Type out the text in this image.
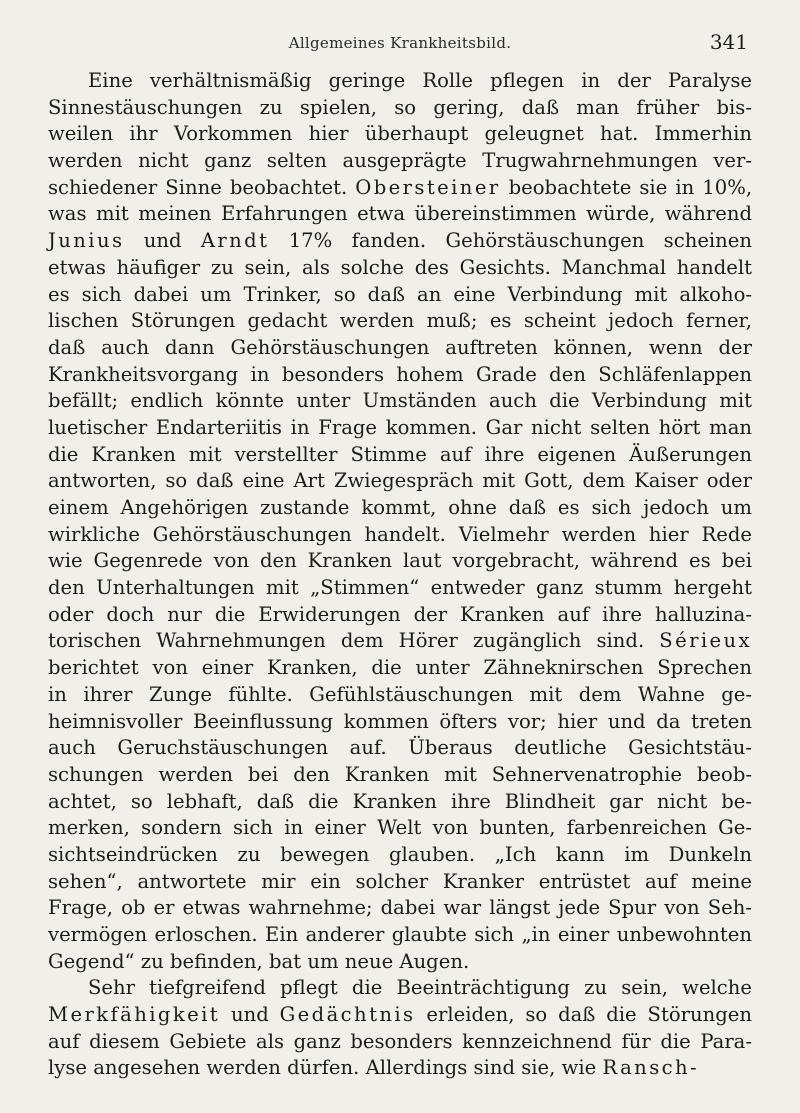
Allgemeines Krankheitsbild.	341
Eine verhältnismäßig geringe Rolle pflegen in der Paralyse
Sinnestäuschungen zu spielen, so gering, daß man früher bis-
weilen ihr Vorkommen hier überhaupt geleugnet hat. Immerhin
werden nicht ganz selten ausgeprägte Trugwahrnehmungen ver-
schiedener Sinne beobachtet. Obersteiner beobachtete sie in 10%,
was mit meinen Erfahrungen etwa übereinstimmen würde, während
Junius und Arndt 17% fanden. Gehörstäuschungen scheinen
etwas häufiger zu sein, als solche des Gesichts. Manchmal handelt
es sich dabei um Trinker, so daß an eine Verbindung mit alkoho-
lischen Störungen gedacht werden muß; es scheint jedoch ferner,
daß auch dann Gehörstäuschungen auftreten können, wenn der
Krankheitsvorgang in besonders hohem Grade den Schläfenlappen
befällt; endlich könnte unter Umständen auch die Verbindung mit
luetischer Endarteriitis in Frage kommen. Gar nicht selten hört man
die Kranken mit verstellter Stimme auf ihre eigenen Äußerungen
antworten, so daß eine Art Zwiegespräch mit Gott, dem Kaiser oder
einem Angehörigen zustande kommt, ohne daß es sich jedoch um
wirkliche Gehörstäuschungen handelt. Vielmehr werden hier Rede
wie Gegenrede von den Kranken laut vorgebracht, während es bei
den Unterhaltungen mit „Stimmen“ entweder ganz stumm hergeht
oder doch nur die Erwiderungen der Kranken auf ihre halluzina-
torischen Wahrnehmungen dem Hörer zugänglich sind. Sérieux
berichtet von einer Kranken, die unter Zähneknirschen Sprechen
in ihrer Zunge fühlte. Gefühlstäuschungen mit dem Wahne ge-
heimnisvoller Beeinflussung kommen öfters vor; hier und da treten
auch Geruchstäuschungen auf. Überaus deutliche Gesichtstäu-
schungen werden bei den Kranken mit Sehnervenatrophie beob-
achtet, so lebhaft, daß die Kranken ihre Blindheit gar nicht be-
merken, sondern sich in einer Welt von bunten, farbenreichen Ge-
sichtseindrücken zu bewegen glauben. „Ich kann im Dunkeln
sehen“, antwortete mir ein solcher Kranker entrüstet auf meine
Frage, ob er etwas wahrnehme; dabei war längst jede Spur von Seh-
vermögen erloschen. Ein anderer glaubte sich „in einer unbewohnten
Gegend“ zu befinden, bat um neue Augen.
Sehr tiefgreifend pflegt die Beeinträchtigung zu sein, welche
Merkfähigkeit und Gedächtnis erleiden, so daß die Störungen
auf diesem Gebiete als ganz besonders kennzeichnend für die Para-
lyse angesehen werden dürfen. Allerdings sind sie, wie Ransch-
